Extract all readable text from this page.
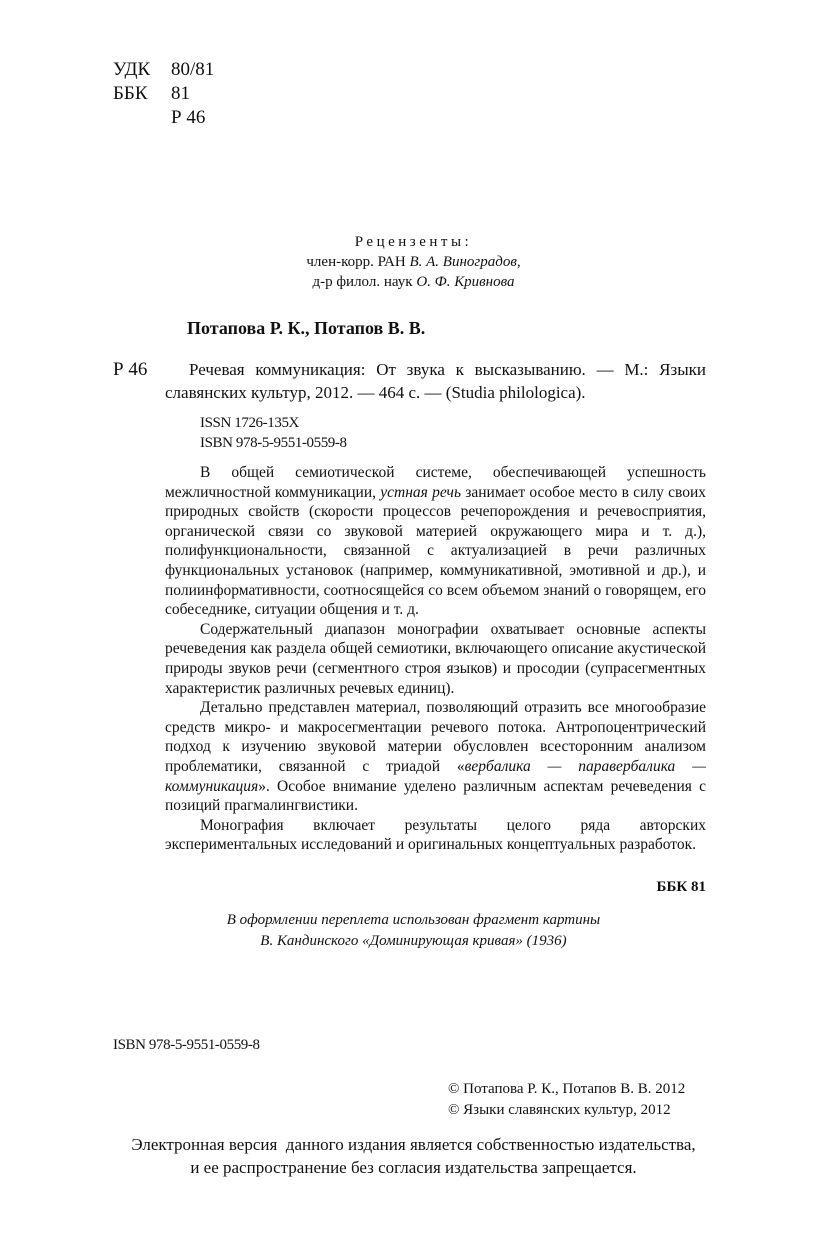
УДК 80/81
ББК 81
Р 46
Рецензенты:
член-корр. РАН В. А. Виноградов,
д-р филол. наук О. Ф. Кривнова
Потапова Р. К., Потапов В. В.
Р 46	Речевая коммуникация: От звука к высказыванию. — М.: Языки славянских культур, 2012. — 464 с. — (Studia philologica).
ISSN 1726-135X
ISBN 978-5-9551-0559-8

В общей семиотической системе, обеспечивающей успешность межличностной коммуникации, устная речь занимает особое место в силу своих природных свойств (скорости процессов речепорождения и речевосприятия, органической связи со звуковой материей окружающего мира и т. д.), полифункциональности, связанной с актуализацией в речи различных функциональных установок (например, коммуникативной, эмотивной и др.), и полиинформативности, соотносящейся со всем объемом знаний о говорящем, его собеседнике, ситуации общения и т. д.

Содержательный диапазон монографии охватывает основные аспекты речеведения как раздела общей семиотики, включающего описание акустической природы звуков речи (сегментного строя языков) и просодии (супрасегментных характеристик различных речевых единиц).

Детально представлен материал, позволяющий отразить все многообразие средств микро- и макросегментации речевого потока. Антропоцентрический подход к изучению звуковой материи обусловлен всесторонним анализом проблематики, связанной с триадой «вербалика — паравербалика — коммуникация». Особое внимание уделено различным аспектам речеведения с позиций прагмалингвистики.

Монография включает результаты целого ряда авторских экспериментальных исследований и оригинальных концептуальных разработок.

ББК 81
В оформлении переплета использован фрагмент картины
В. Кандинского «Доминирующая кривая» (1936)
ISBN 978-5-9551-0559-8
© Потапова Р. К., Потапов В. В. 2012
© Языки славянских культур, 2012
Электронная версия  данного издания является собственностью издательства,
и ее распространение без согласия издательства запрещается.
